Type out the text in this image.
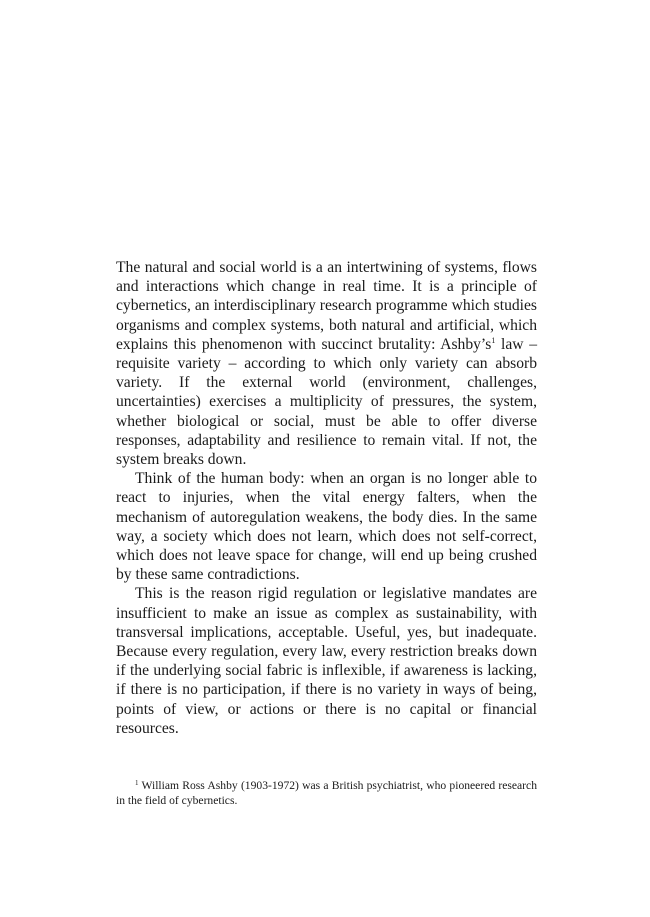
The natural and social world is a an intertwining of systems, flows and interactions which change in real time. It is a principle of cybernetics, an interdisciplinary research programme which studies organisms and complex systems, both natural and artificial, which explains this phenomenon with succinct brutality: Ashby’s$^1$ law – requisite variety – according to which only variety can absorb variety. If the external world (environment, challenges, uncertainties) exercises a multiplicity of pressures, the system, whether biological or social, must be able to offer diverse responses, adaptability and resilience to remain vital. If not, the system breaks down.

Think of the human body: when an organ is no longer able to react to injuries, when the vital energy falters, when the mechanism of autoregulation weakens, the body dies. In the same way, a society which does not learn, which does not self-correct, which does not leave space for change, will end up being crushed by these same contradictions.

This is the reason rigid regulation or legislative mandates are insufficient to make an issue as complex as sustainability, with transversal implications, acceptable. Useful, yes, but inadequate. Because every regulation, every law, every restriction breaks down if the underlying social fabric is inflexible, if awareness is lacking, if there is no participation, if there is no variety in ways of being, points of view, or actions or there is no capital or financial resources.

$^1$ William Ross Ashby (1903-1972) was a British psychiatrist, who pioneered research in the field of cybernetics.
